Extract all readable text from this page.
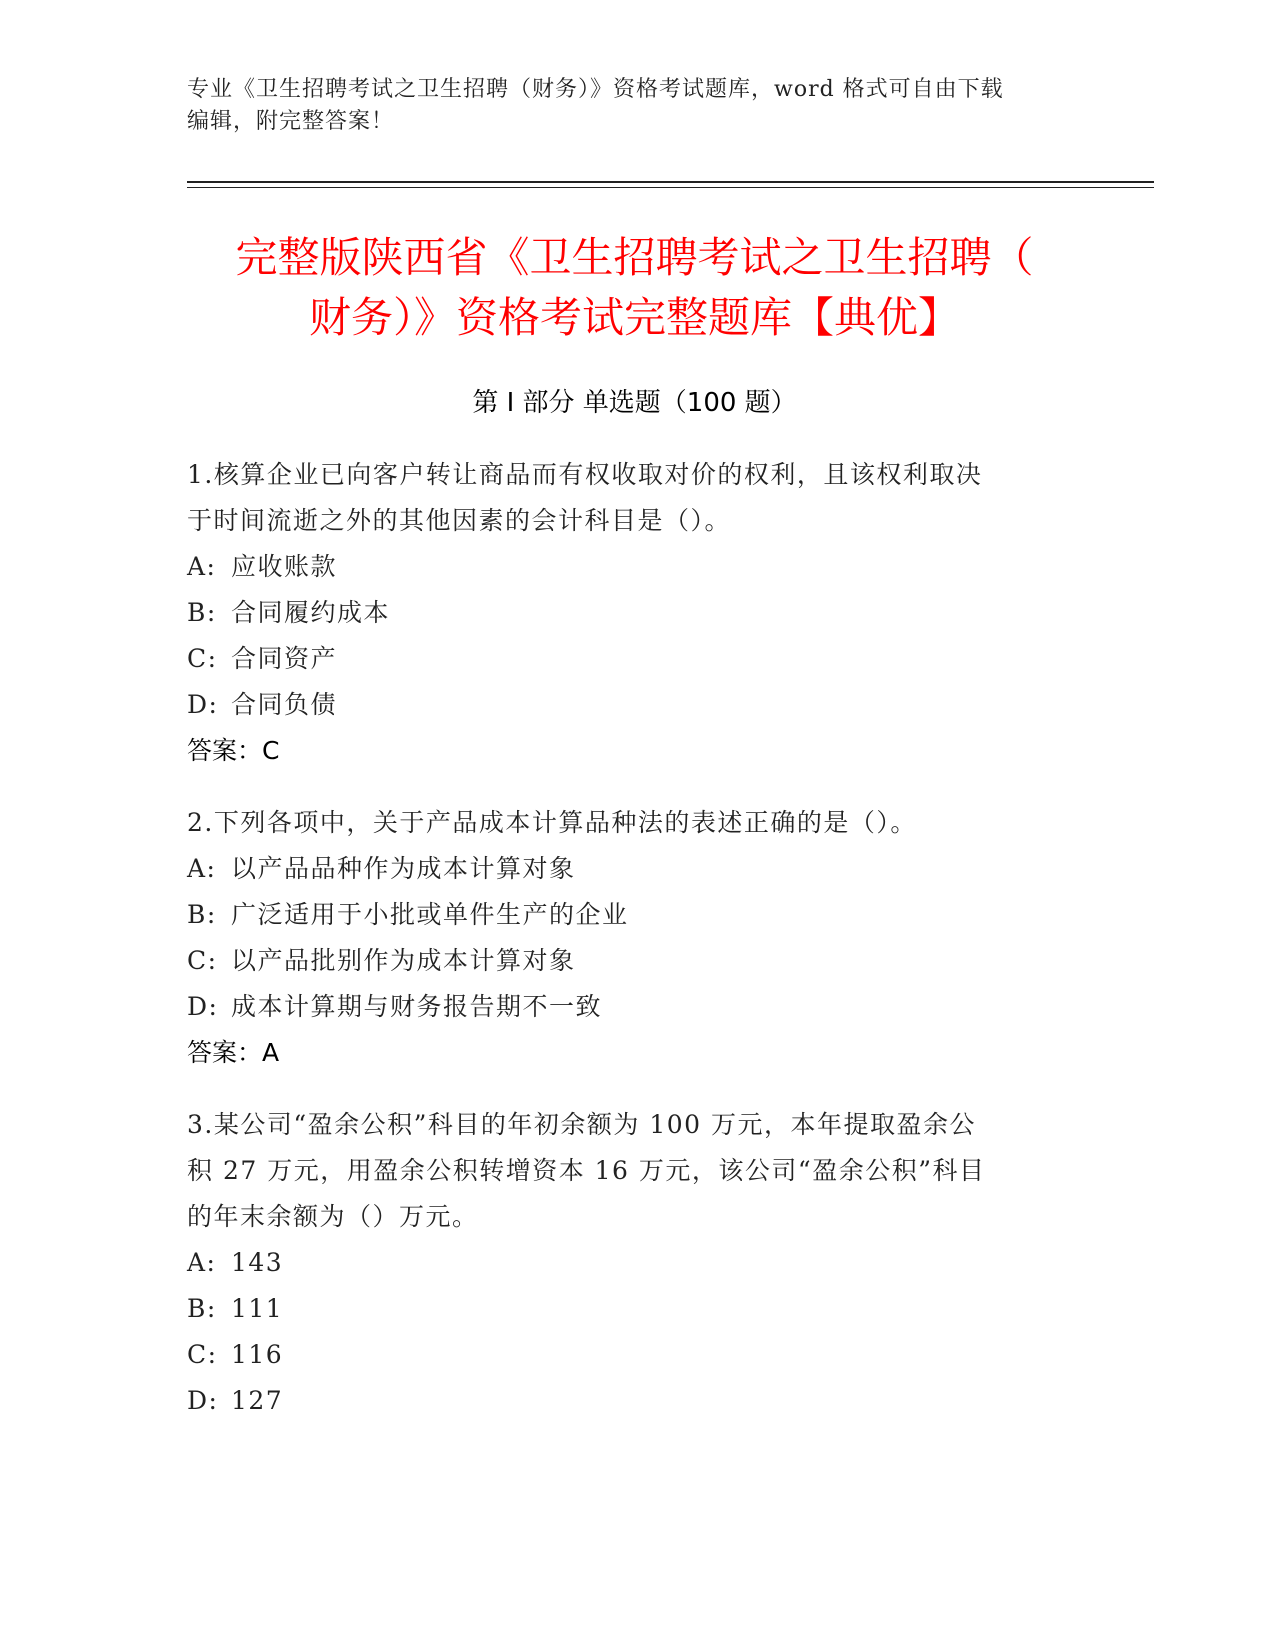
专业《卫生招聘考试之卫生招聘（财务）》资格考试题库，word 格式可自由下载
编辑，附完整答案！
完整版陕西省《卫生招聘考试之卫生招聘（
财务）》资格考试完整题库【典优】
第 I 部分 单选题（100 题）
1.核算企业已向客户转让商品而有权收取对价的权利，且该权利取决
于时间流逝之外的其他因素的会计科目是（）。
A: 应收账款
B: 合同履约成本
C: 合同资产
D: 合同负债
答案：C
2.下列各项中，关于产品成本计算品种法的表述正确的是（）。
A: 以产品品种作为成本计算对象
B: 广泛适用于小批或单件生产的企业
C: 以产品批别作为成本计算对象
D: 成本计算期与财务报告期不一致
答案：A
3.某公司“盈余公积”科目的年初余额为 100 万元，本年提取盈余公
积 27 万元，用盈余公积转增资本 16 万元，该公司“盈余公积”科目
的年末余额为（）万元。
A: 143
B: 111
C: 116
D: 127
